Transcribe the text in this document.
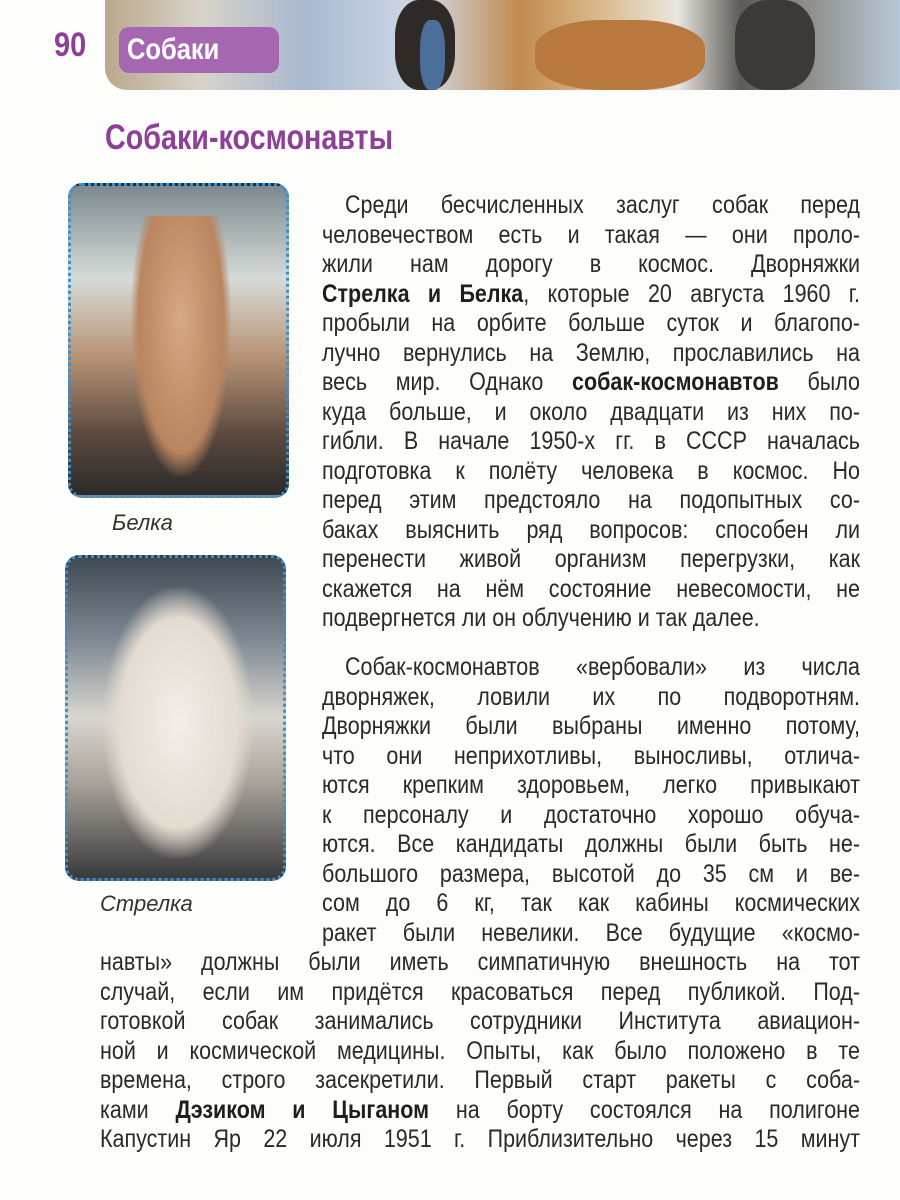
90 Собаки
Собаки-космонавты
Белка
Стрелка
Среди бесчисленных заслуг собак перед
человечеством есть и такая — они проло-
жили нам дорогу в космос. Дворняжки
Стрелка и Белка, которые 20 августа 1960 г.
пробыли на орбите больше суток и благопо-
лучно вернулись на Землю, прославились на
весь мир. Однако собак-космонавтов было
куда больше, и около двадцати из них по-
гибли. В начале 1950-х гг. в СССР началась
подготовка к полёту человека в космос. Но
перед этим предстояло на подопытных со-
баках выяснить ряд вопросов: способен ли
перенести живой организм перегрузки, как
скажется на нём состояние невесомости, не
подвергнется ли он облучению и так далее.
Собак-космонавтов «вербовали» из числа
дворняжек, ловили их по подворотням.
Дворняжки были выбраны именно потому,
что они неприхотливы, выносливы, отлича-
ются крепким здоровьем, легко привыкают
к персоналу и достаточно хорошо обуча-
ются. Все кандидаты должны были быть не-
большого размера, высотой до 35 см и ве-
сом до 6 кг, так как кабины космических
ракет были невелики. Все будущие «космо-
навты» должны были иметь симпатичную внешность на тот
случай, если им придётся красоваться перед публикой. Под-
готовкой собак занимались сотрудники Института авиацион-
ной и космической медицины. Опыты, как было положено в те
времена, строго засекретили. Первый старт ракеты с соба-
ками Дэзиком и Цыганом на борту состоялся на полигоне
Капустин Яр 22 июля 1951 г. Приблизительно через 15 минут
